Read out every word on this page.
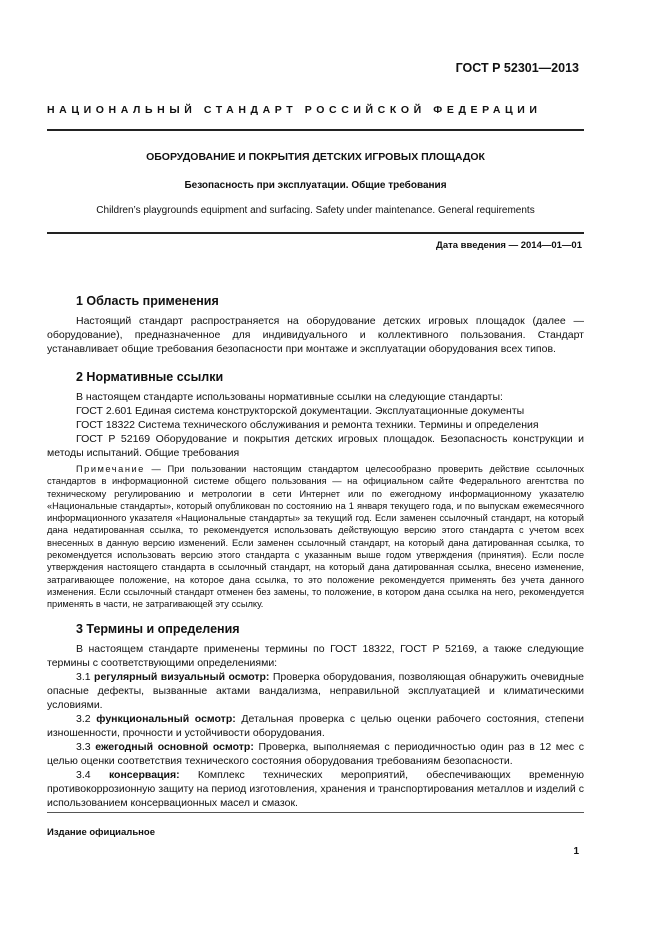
ГОСТ Р 52301—2013
НАЦИОНАЛЬНЫЙ СТАНДАРТ РОССИЙСКОЙ ФЕДЕРАЦИИ
ОБОРУДОВАНИЕ И ПОКРЫТИЯ ДЕТСКИХ ИГРОВЫХ ПЛОЩАДОК
Безопасность при эксплуатации. Общие требования
Children’s playgrounds equipment and surfacing. Safety under maintenance. General requirements
Дата введения — 2014—01—01
1 Область применения

Настоящий стандарт распространяется на оборудование детских игровых площадок (далее — оборудование), предназначенное для индивидуального и коллективного пользования. Стандарт устанавливает общие требования безопасности при монтаже и эксплуатации оборудования всех типов.

2 Нормативные ссылки

В настоящем стандарте использованы нормативные ссылки на следующие стандарты:

ГОСТ 2.601 Единая система конструкторской документации. Эксплуатационные документы

ГОСТ 18322 Система технического обслуживания и ремонта техники. Термины и определения

ГОСТ Р 52169 Оборудование и покрытия детских игровых площадок. Безопасность конструкции и методы испытаний. Общие требования

Примечание — При пользовании настоящим стандартом целесообразно проверить действие ссылочных стандартов в информационной системе общего пользования — на официальном сайте Федерального агентства по техническому регулированию и метрологии в сети Интернет или по ежегодному информационному указателю «Национальные стандарты», который опубликован по состоянию на 1 января текущего года, и по выпускам ежемесячного информационного указателя «Национальные стандарты» за текущий год. Если заменен ссылочный стандарт, на который дана недатированная ссылка, то рекомендуется использовать действующую версию этого стандарта с учетом всех внесенных в данную версию изменений. Если заменен ссылочный стандарт, на который дана датированная ссылка, то рекомендуется использовать версию этого стандарта с указанным выше годом утверждения (принятия). Если после утверждения настоящего стандарта в ссылочный стандарт, на который дана датированная ссылка, внесено изменение, затрагивающее положение, на которое дана ссылка, то это положение рекомендуется применять без учета данного изменения. Если ссылочный стандарт отменен без замены, то положение, в котором дана ссылка на него, рекомендуется применять в части, не затрагивающей эту ссылку.

3 Термины и определения

В настоящем стандарте применены термины по ГОСТ 18322, ГОСТ Р 52169, а также следующие термины с соответствующими определениями:

3.1 регулярный визуальный осмотр: Проверка оборудования, позволяющая обнаружить очевидные опасные дефекты, вызванные актами вандализма, неправильной эксплуатацией и климатическими условиями.

3.2 функциональный осмотр: Детальная проверка с целью оценки рабочего состояния, степени изношенности, прочности и устойчивости оборудования.

3.3 ежегодный основной осмотр: Проверка, выполняемая с периодичностью один раз в 12 мес с целью оценки соответствия технического состояния оборудования требованиям безопасности.

3.4 консервация: Комплекс технических мероприятий, обеспечивающих временную противокоррозионную защиту на период изготовления, хранения и транспортирования металлов и изделий с использованием консервационных масел и смазок.

Издание официальное
1
